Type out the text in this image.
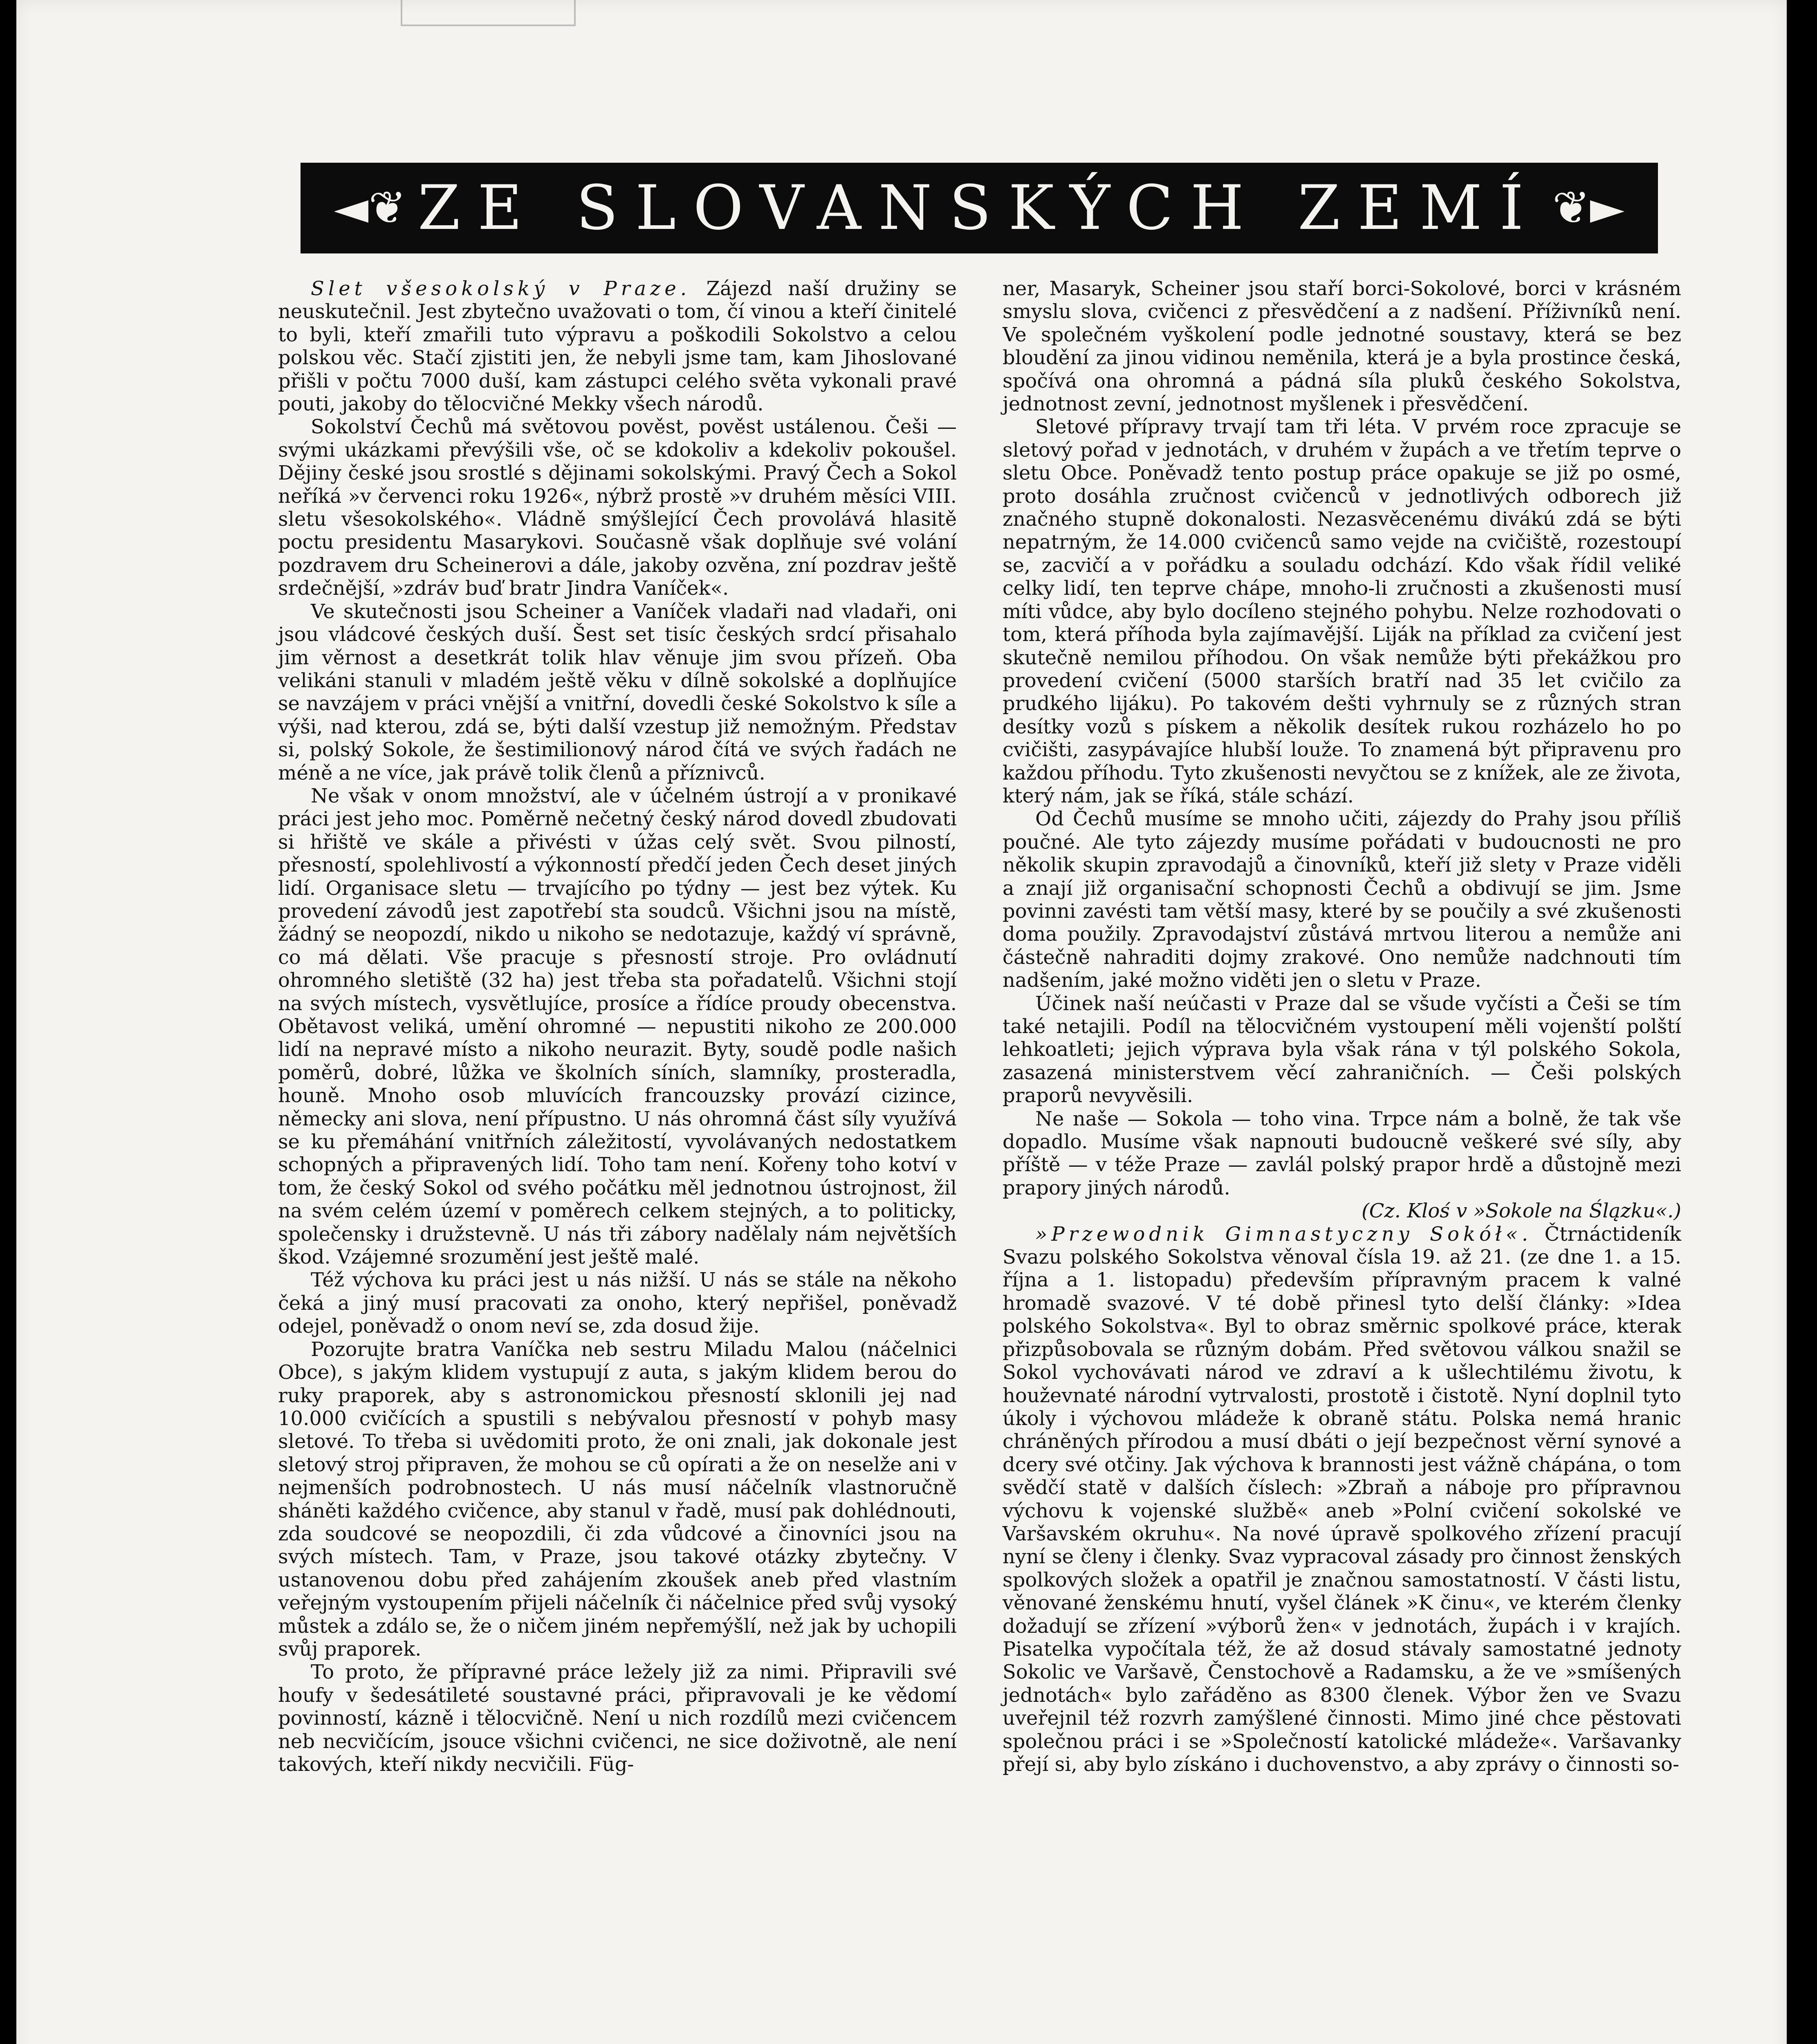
◄❦ ZE SLOVANSKÝCH ZEMÍ ❦►

Slet všesokolský v Praze. Zájezd naší družiny se neuskutečnil. Jest zbytečno uvažovati o tom, čí vinou a kteří činitelé to byli, kteří zmařili tuto výpravu a poškodili Sokolstvo a celou polskou věc. Stačí zjistiti jen, že nebyli jsme tam, kam Jihoslované přišli v počtu 7000 duší, kam zástupci celého světa vykonali pravé pouti, jakoby do tělocvičné Mekky všech národů.

Sokolství Čechů má světovou pověst, pověst ustálenou. Češi — svými ukázkami převýšili vše, oč se kdokoliv a kdekoliv pokoušel. Dějiny české jsou srostlé s dějinami sokolskými. Pravý Čech a Sokol neříká »v červenci roku 1926«, nýbrž prostě »v druhém měsíci VIII. sletu všesokolského«. Vládně smýšlející Čech provolává hlasitě poctu presidentu Masarykovi. Současně však doplňuje své volání pozdravem dru Scheinerovi a dále, jakoby ozvěna, zní pozdrav ještě srdečnější, »zdráv buď bratr Jindra Vaníček«.

Ve skutečnosti jsou Scheiner a Vaníček vladaři nad vladaři, oni jsou vládcové českých duší. Šest set tisíc českých srdcí přisahalo jim věrnost a desetkrát tolik hlav věnuje jim svou přízeň. Oba velikáni stanuli v mladém ještě věku v dílně sokolské a doplňujíce se navzájem v práci vnější a vnitřní, dovedli české Sokolstvo k síle a výši, nad kterou, zdá se, býti další vzestup již nemožným. Představ si, polský Sokole, že šestimilionový národ čítá ve svých řadách ne méně a ne více, jak právě tolik členů a příznivců.

Ne však v onom množství, ale v účelném ústrojí a v pronikavé práci jest jeho moc. Poměrně nečetný český národ dovedl zbudovati si hřiště ve skále a přivésti v úžas celý svět. Svou pilností, přesností, spolehlivostí a výkonností předčí jeden Čech deset jiných lidí. Organisace sletu — trvajícího po týdny — jest bez výtek. Ku provedení závodů jest zapotřebí sta soudců. Všichni jsou na místě, žádný se neopozdí, nikdo u nikoho se nedotazuje, každý ví správně, co má dělati. Vše pracuje s přesností stroje. Pro ovládnutí ohromného sletiště (32 ha) jest třeba sta pořadatelů. Všichni stojí na svých místech, vysvětlujíce, prosíce a řídíce proudy obecenstva. Obětavost veliká, umění ohromné — nepustiti nikoho ze 200.000 lidí na nepravé místo a nikoho neurazit. Byty, soudě podle našich poměrů, dobré, lůžka ve školních síních, slamníky, prosteradla, houně. Mnoho osob mluvících francouzsky provází cizince, německy ani slova, není přípustno. U nás ohromná část síly využívá se ku přemáhání vnitřních záležitostí, vyvolávaných nedostatkem schopných a připravených lidí. Toho tam není. Kořeny toho kotví v tom, že český Sokol od svého počátku měl jednotnou ústrojnost, žil na svém celém území v poměrech celkem stejných, a to politicky, společensky i družstevně. U nás tři zábory nadělaly nám největších škod. Vzájemné srozumění jest ještě malé.

Též výchova ku práci jest u nás nižší. U nás se stále na někoho čeká a jiný musí pracovati za onoho, který nepřišel, poněvadž odejel, poněvadž o onom neví se, zda dosud žije.

Pozorujte bratra Vaníčka neb sestru Miladu Malou (náčelnici Obce), s jakým klidem vystupují z auta, s jakým klidem berou do ruky praporek, aby s astronomickou přesností sklonili jej nad 10.000 cvičících a spustili s nebývalou přesností v pohyb masy sletové. To třeba si uvědomiti proto, že oni znali, jak dokonale jest sletový stroj připraven, že mohou se ců opírati a že on neselže ani v nejmenších podrobnostech. U nás musí náčelník vlastnoručně sháněti každého cvičence, aby stanul v řadě, musí pak dohlédnouti, zda soudcové se neopozdili, či zda vůdcové a činovníci jsou na svých místech. Tam, v Praze, jsou takové otázky zbytečny. V ustanovenou dobu před zahájením zkoušek aneb před vlastním veřejným vystoupením přijeli náčelník či náčelnice před svůj vysoký můstek a zdálo se, že o ničem jiném nepřemýšlí, než jak by uchopili svůj praporek.

To proto, že přípravné práce ležely již za nimi. Připravili své houfy v šedesátileté soustavné práci, připravovali je ke vědomí povinností, kázně i tělocvičně. Není u nich rozdílů mezi cvičencem neb necvičícím, jsouce všichni cvičenci, ne sice doživotně, ale není takových, kteří nikdy necvičili. Füg-

ner, Masaryk, Scheiner jsou staří borci-Sokolové, borci v krásném smyslu slova, cvičenci z přesvědčení a z nadšení. Příživníků není. Ve společném vyškolení podle jednotné soustavy, která se bez bloudění za jinou vidinou neměnila, která je a byla prostince česká, spočívá ona ohromná a pádná síla pluků českého Sokolstva, jednotnost zevní, jednotnost myšlenek i přesvědčení.

Sletové přípravy trvají tam tři léta. V prvém roce zpracuje se sletový pořad v jednotách, v druhém v župách a ve třetím teprve o sletu Obce. Poněvadž tento postup práce opakuje se již po osmé, proto dosáhla zručnost cvičenců v jednotlivých odborech již značného stupně dokonalosti. Nezasvěcenému divákú zdá se býti nepatrným, že 14.000 cvičenců samo vejde na cvičiště, rozestoupí se, zacvičí a v pořádku a souladu odchází. Kdo však řídil veliké celky lidí, ten teprve chápe, mnoho-li zručnosti a zkušenosti musí míti vůdce, aby bylo docíleno stejného pohybu. Nelze rozhodovati o tom, která příhoda byla zajímavější. Liják na příklad za cvičení jest skutečně nemilou příhodou. On však nemůže býti překážkou pro provedení cvičení (5000 starších bratří nad 35 let cvičilo za prudkého lijáku). Po takovém dešti vyhrnuly se z různých stran desítky vozů s pískem a několik desítek rukou rozházelo ho po cvičišti, zasypávajíce hlubší louže. To znamená být připravenu pro každou příhodu. Tyto zkušenosti nevyčtou se z knížek, ale ze života, který nám, jak se říká, stále schází.

Od Čechů musíme se mnoho učiti, zájezdy do Prahy jsou příliš poučné. Ale tyto zájezdy musíme pořádati v budoucnosti ne pro několik skupin zpravodajů a činovníků, kteří již slety v Praze viděli a znají již organisační schopnosti Čechů a obdivují se jim. Jsme povinni zavésti tam větší masy, které by se poučily a své zkušenosti doma použily. Zpravodajství zůstává mrtvou literou a nemůže ani částečně nahraditi dojmy zrakové. Ono nemůže nadchnouti tím nadšením, jaké možno viděti jen o sletu v Praze.

Účinek naší neúčasti v Praze dal se všude vyčísti a Češi se tím také netajili. Podíl na tělocvičném vystoupení měli vojenští polští lehkoatleti; jejich výprava byla však rána v týl polského Sokola, zasazená ministerstvem věcí zahraničních. — Češi polských praporů nevyvěsili.

Ne naše — Sokola — toho vina. Trpce nám a bolně, že tak vše dopadlo. Musíme však napnouti budoucně veškeré své síly, aby příště — v téže Praze — zavlál polský prapor hrdě a důstojně mezi prapory jiných národů.

(Cz. Kloś v »Sokole na Ślązku«.)

»Przewodnik Gimnastyczny Sokół«. Čtrnáctideník Svazu polského Sokolstva věnoval čísla 19. až 21. (ze dne 1. a 15. října a 1. listopadu) především přípravným pracem k valné hromadě svazové. V té době přinesl tyto delší články: »Idea polského Sokolstva«. Byl to obraz směrnic spolkové práce, kterak přizpůsobovala se různým dobám. Před světovou válkou snažil se Sokol vychovávati národ ve zdraví a k ušlechtilému životu, k houževnaté národní vytrvalosti, prostotě i čistotě. Nyní doplnil tyto úkoly i výchovou mládeže k obraně státu. Polska nemá hranic chráněných přírodou a musí dbáti o její bezpečnost věrní synové a dcery své otčiny. Jak výchova k brannosti jest vážně chápána, o tom svědčí statě v dalších číslech: »Zbraň a náboje pro přípravnou výchovu k vojenské službě« aneb »Polní cvičení sokolské ve Varšavském okruhu«. Na nové úpravě spolkového zřízení pracují nyní se členy i členky. Svaz vypracoval zásady pro činnost ženských spolkových složek a opatřil je značnou samostatností. V části listu, věnované ženskému hnutí, vyšel článek »K činu«, ve kterém členky dožadují se zřízení »výborů žen« v jednotách, župách i v krajích. Pisatelka vypočítala též, že až dosud stávaly samostatné jednoty Sokolic ve Varšavě, Čenstochově a Radamsku, a že ve »smíšených jednotách« bylo zařáděno as 8300 členek. Výbor žen ve Svazu uveřejnil též rozvrh zamýšlené činnosti. Mimo jiné chce pěstovati společnou práci i se »Společností katolické mládeže«. Varšavanky přejí si, aby bylo získáno i duchovenstvo, a aby zprávy o činnosti so-
